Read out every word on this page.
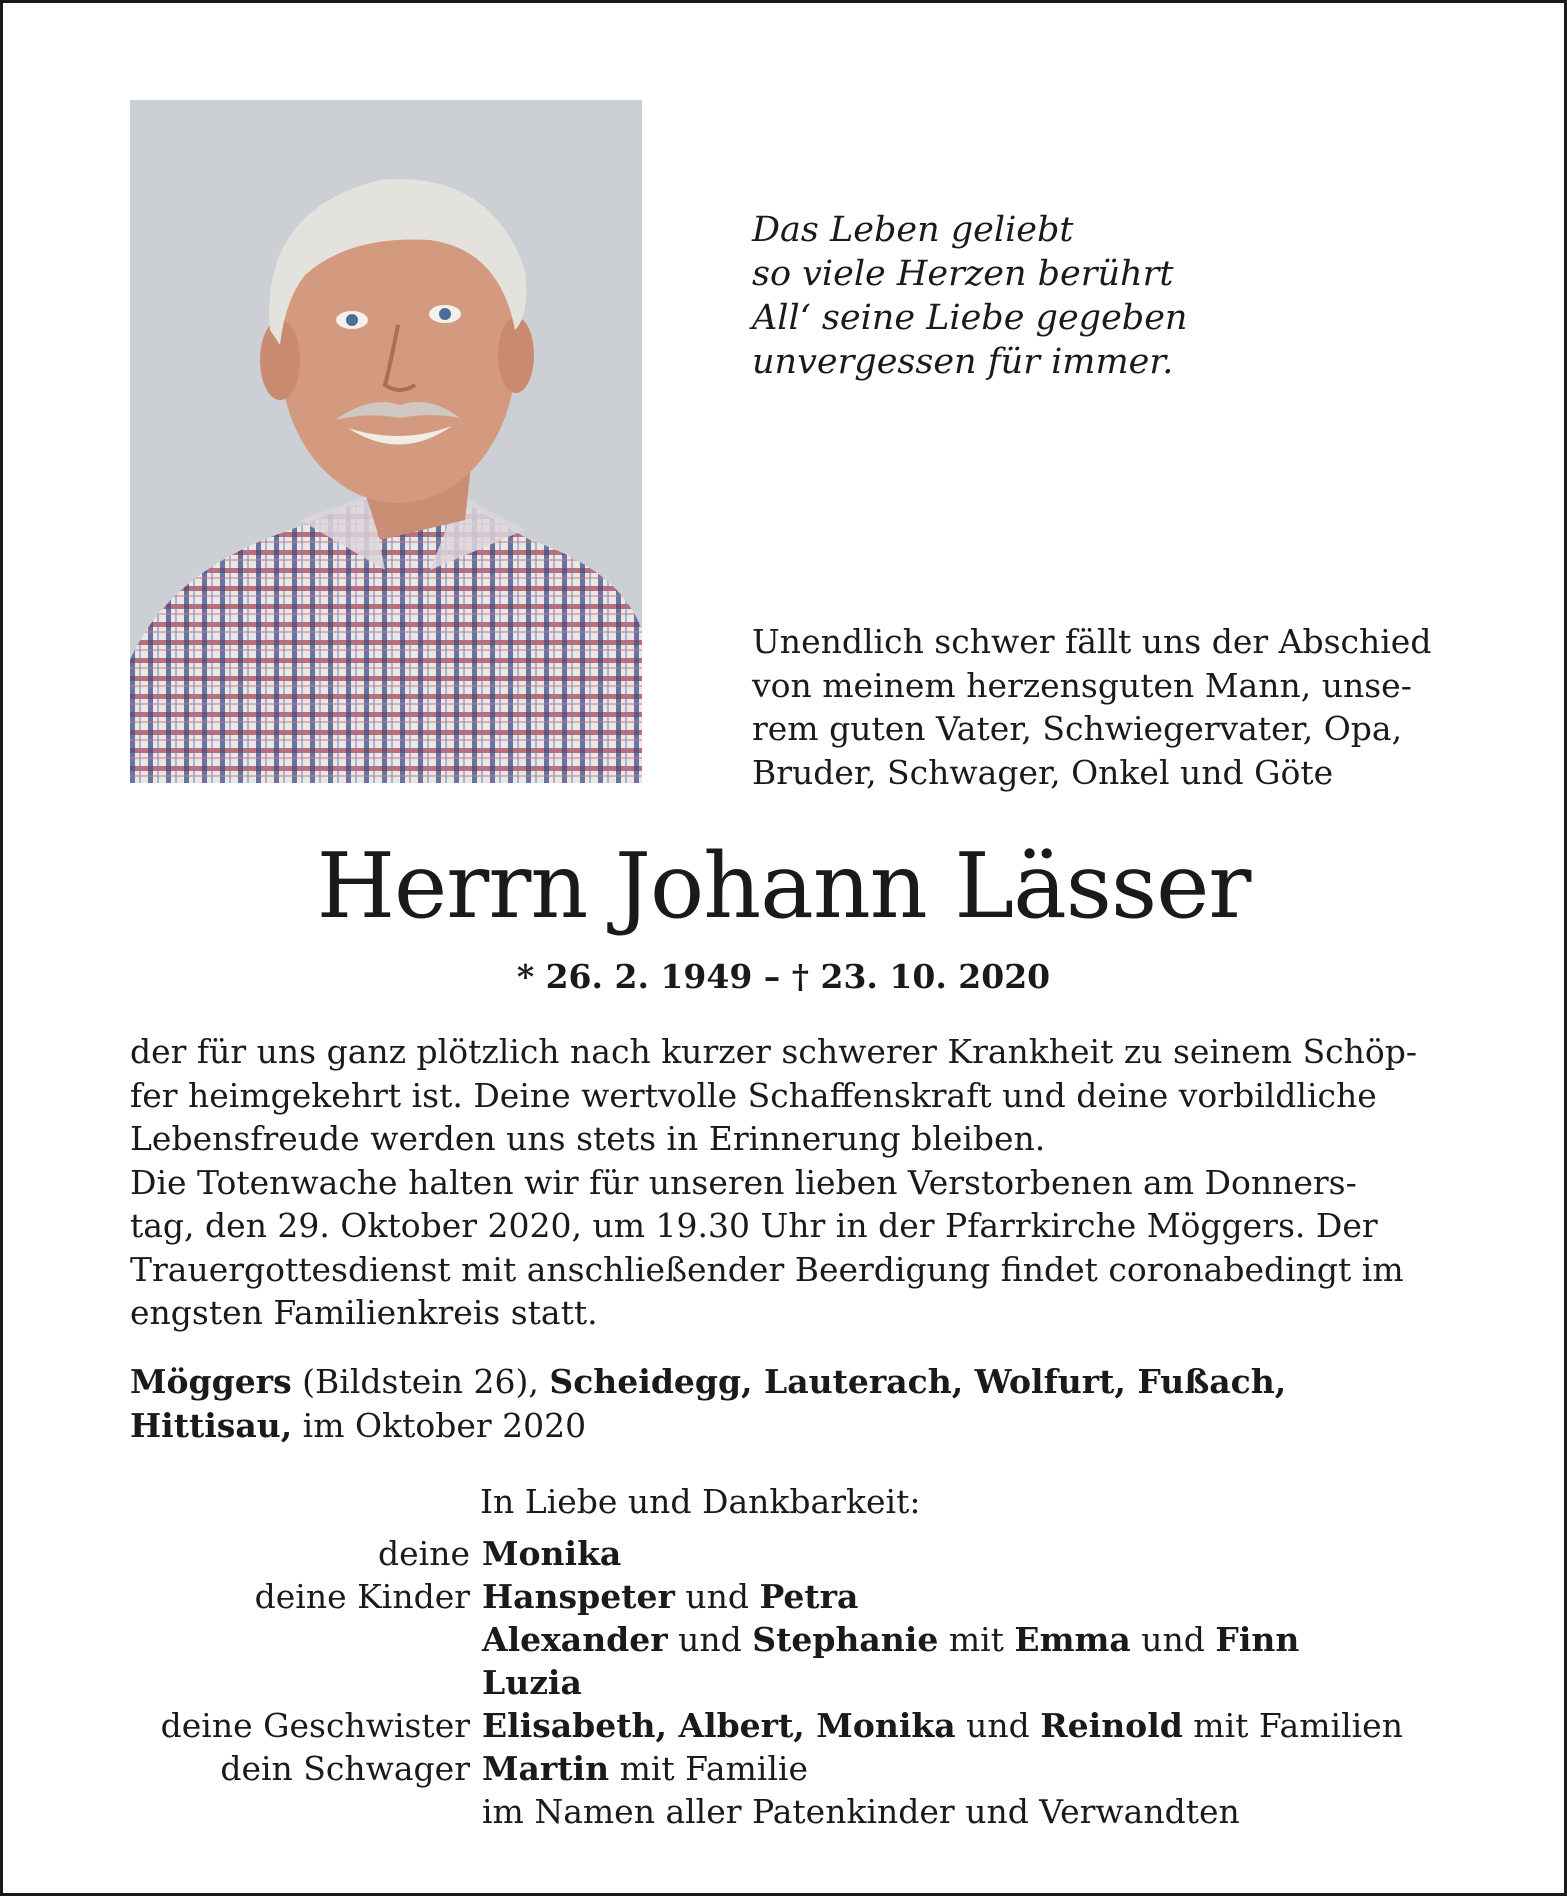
Das Leben geliebt
so viele Herzen berührt
All‘ seine Liebe gegeben
unvergessen für immer.
Unendlich schwer fällt uns der Abschied
von meinem herzensguten Mann, unse-
rem guten Vater, Schwiegervater, Opa,
Bruder, Schwager, Onkel und Göte
Herrn Johann Lässer
* 26. 2. 1949 – † 23. 10. 2020
der für uns ganz plötzlich nach kurzer schwerer Krankheit zu seinem Schöp-
fer heimgekehrt ist. Deine wertvolle Schaffenskraft und deine vorbildliche
Lebensfreude werden uns stets in Erinnerung bleiben.
Die Totenwache halten wir für unseren lieben Verstorbenen am Donners-
tag, den 29. Oktober 2020, um 19.30 Uhr in der Pfarrkirche Möggers. Der
Trauergottesdienst mit anschließender Beerdigung findet coronabedingt im
engsten Familienkreis statt.
Möggers (Bildstein 26), Scheidegg, Lauterach, Wolfurt, Fußach,
Hittisau, im Oktober 2020
In Liebe und Dankbarkeit:
deine Monika
deine Kinder Hanspeter und Petra
Alexander und Stephanie mit Emma und Finn
Luzia
deine Geschwister Elisabeth, Albert, Monika und Reinold mit Familien
dein Schwager Martin mit Familie
im Namen aller Patenkinder und Verwandten
